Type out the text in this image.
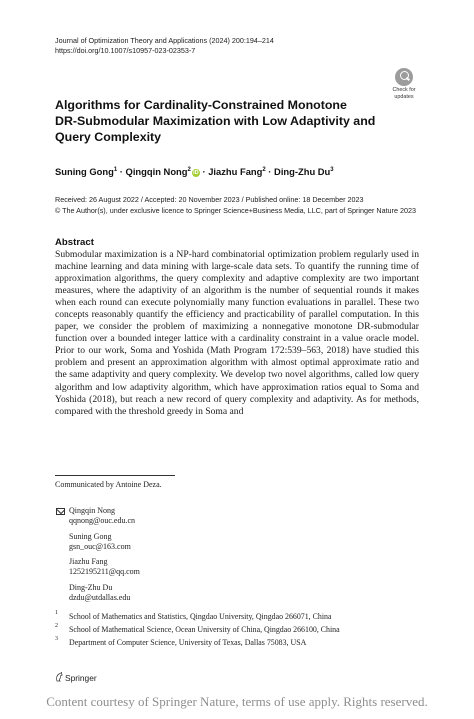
Journal of Optimization Theory and Applications (2024) 200:194–214
https://doi.org/10.1007/s10957-023-02353-7
Check for
updates
Algorithms for Cardinality-Constrained Monotone
DR-Submodular Maximization with Low Adaptivity and
Query Complexity
Suning Gong$^1$ · Qingqin Nong$^2$iD · Jiazhu Fang$^2$ · Ding-Zhu Du$^3$
Received: 26 August 2022 / Accepted: 20 November 2023 / Published online: 18 December 2023
© The Author(s), under exclusive licence to Springer Science+Business Media, LLC, part of Springer Nature 2023
Abstract
Submodular maximization is a NP-hard combinatorial optimization problem regularly used in machine learning and data mining with large-scale data sets. To quantify the running time of approximation algorithms, the query complexity and adaptive complexity are two important measures, where the adaptivity of an algorithm is the number of sequential rounds it makes when each round can execute polynomially many function evaluations in parallel. These two concepts reasonably quantify the efficiency and practicability of parallel computation. In this paper, we consider the problem of maximizing a nonnegative monotone DR-submodular function over a bounded integer lattice with a cardinality constraint in a value oracle model. Prior to our work, Soma and Yoshida (Math Program 172:539–563, 2018) have studied this problem and present an approximation algorithm with almost optimal approximate ratio and the same adaptivity and query complexity. We develop two novel algorithms, called low query algorithm and low adaptivity algorithm, which have approximation ratios equal to Soma and Yoshida (2018), but reach a new record of query complexity and adaptivity. As for methods, compared with the threshold greedy in Soma and
Communicated by Antoine Deza.
Qingqin Nong
qqnong@ouc.edu.cn
Suning Gong
gsn_ouc@163.com
Jiazhu Fang
1252195211@qq.com
Ding-Zhu Du
dzdu@utdallas.edu
1 School of Mathematics and Statistics, Qingdao University, Qingdao 266071, China
2 School of Mathematical Science, Ocean University of China, Qingdao 266100, China
3 Department of Computer Science, University of Texas, Dallas 75083, USA
Springer
Content courtesy of Springer Nature, terms of use apply. Rights reserved.
